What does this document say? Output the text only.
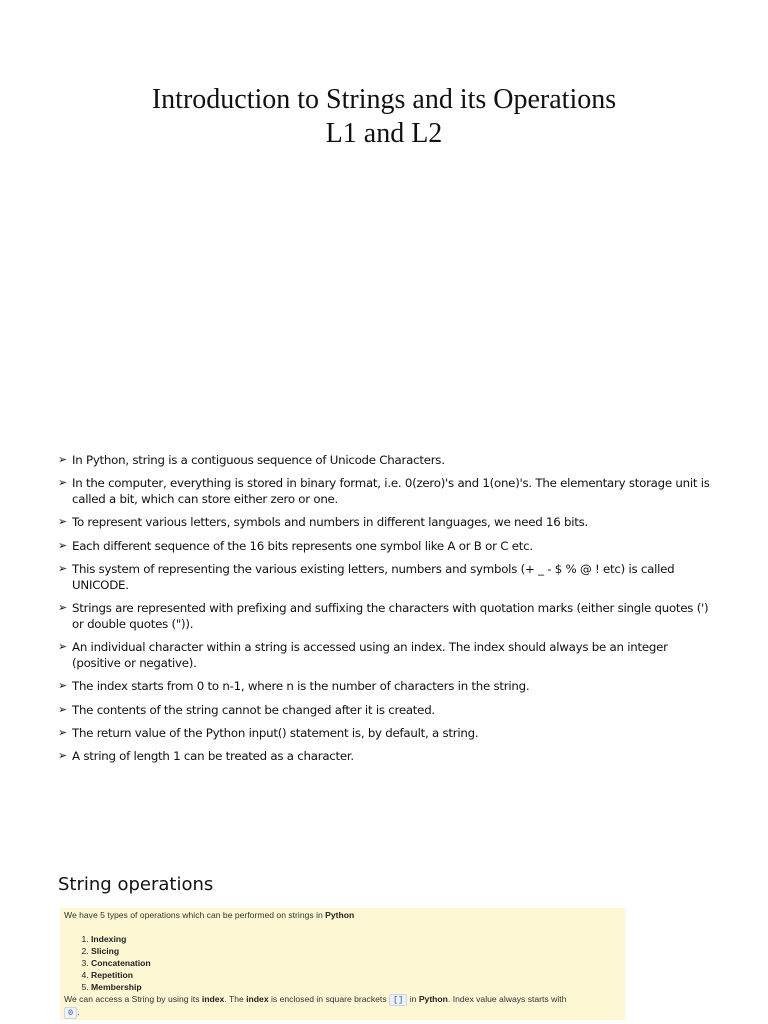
Introduction to Strings and its Operations
L1 and L2
➢ In Python, string is a contiguous sequence of Unicode Characters.
➢ In the computer, everything is stored in binary format, i.e. 0(zero)'s and 1(one)'s. The elementary storage unit is called a bit, which can store either zero or one.
➢ To represent various letters, symbols and numbers in different languages, we need 16 bits.
➢ Each different sequence of the 16 bits represents one symbol like A or B or C etc.
➢ This system of representing the various existing letters, numbers and symbols (+ _ - $ % @ ! etc) is called UNICODE.
➢ Strings are represented with prefixing and suffixing the characters with quotation marks (either single quotes (') or double quotes (")).
➢ An individual character within a string is accessed using an index. The index should always be an integer (positive or negative).
➢ The index starts from 0 to n-1, where n is the number of characters in the string.
➢ The contents of the string cannot be changed after it is created.
➢ The return value of the Python input() statement is, by default, a string.
➢ A string of length 1 can be treated as a character.
String operations
We have 5 types of operations which can be performed on strings in Python
1. Indexing
2. Slicing
3. Concatenation
4. Repetition
5. Membership
We can access a String by using its index. The index is enclosed in square brackets [] in Python. Index value always starts with
0 .
